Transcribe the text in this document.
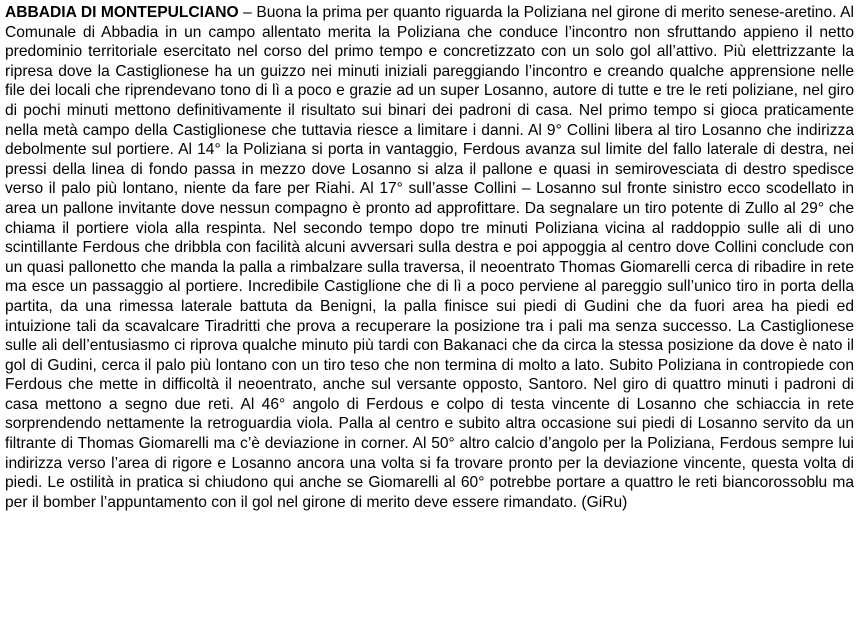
ABBADIA DI MONTEPULCIANO – Buona la prima per quanto riguarda la Poliziana nel girone di merito senese-aretino. Al Comunale di Abbadia in un campo allentato merita la Poliziana che conduce l’incontro non sfruttando appieno il netto predominio territoriale esercitato nel corso del primo tempo e concretizzato con un solo gol all’attivo. Più elettrizzante la ripresa dove la Castiglionese ha un guizzo nei minuti iniziali pareggiando l’incontro e creando qualche apprensione nelle file dei locali che riprendevano tono di lì a poco e grazie ad un super Losanno, autore di tutte e tre le reti poliziane, nel giro di pochi minuti mettono definitivamente il risultato sui binari dei padroni di casa. Nel primo tempo si gioca praticamente nella metà campo della Castiglionese che tuttavia riesce a limitare i danni. Al 9° Collini libera al tiro Losanno che indirizza debolmente sul portiere. Al 14° la Poliziana si porta in vantaggio, Ferdous avanza sul limite del fallo laterale di destra, nei pressi della linea di fondo passa in mezzo dove Losanno si alza il pallone e quasi in semirovesciata di destro spedisce verso il palo più lontano, niente da fare per Riahi. Al 17° sull’asse Collini – Losanno sul fronte sinistro ecco scodellato in area un pallone invitante dove nessun compagno è pronto ad approfittare. Da segnalare un tiro potente di Zullo al 29° che chiama il portiere viola alla respinta. Nel secondo tempo dopo tre minuti Poliziana vicina al raddoppio sulle ali di uno scintillante Ferdous che dribbla con facilità alcuni avversari sulla destra e poi appoggia al centro dove Collini conclude con un quasi pallonetto che manda la palla a rimbalzare sulla traversa, il neoentrato Thomas Giomarelli cerca di ribadire in rete ma esce un passaggio al portiere. Incredibile Castiglione che di lì a poco perviene al pareggio sull’unico tiro in porta della partita, da una rimessa laterale battuta da Benigni, la palla finisce sui piedi di Gudini che da fuori area ha piedi ed intuizione tali da scavalcare Tiradritti che prova a recuperare la posizione tra i pali ma senza successo. La Castiglionese sulle ali dell’entusiasmo ci riprova qualche minuto più tardi con Bakanaci che da circa la stessa posizione da dove è nato il gol di Gudini, cerca il palo più lontano con un tiro teso che non termina di molto a lato. Subito Poliziana in contropiede con Ferdous che mette in difficoltà il neoentrato, anche sul versante opposto, Santoro. Nel giro di quattro minuti i padroni di casa mettono a segno due reti. Al 46° angolo di Ferdous e colpo di testa vincente di Losanno che schiaccia in rete sorprendendo nettamente la retroguardia viola. Palla al centro e subito altra occasione sui piedi di Losanno servito da un filtrante di Thomas Giomarelli ma c’è deviazione in corner. Al 50° altro calcio d’angolo per la Poliziana, Ferdous sempre lui indirizza verso l’area di rigore e Losanno ancora una volta si fa trovare pronto per la deviazione vincente, questa volta di piedi. Le ostilità in pratica si chiudono qui anche se Giomarelli al 60° potrebbe portare a quattro le reti biancorossoblu ma per il bomber l’appuntamento con il gol nel girone di merito deve essere rimandato. (GiRu)
